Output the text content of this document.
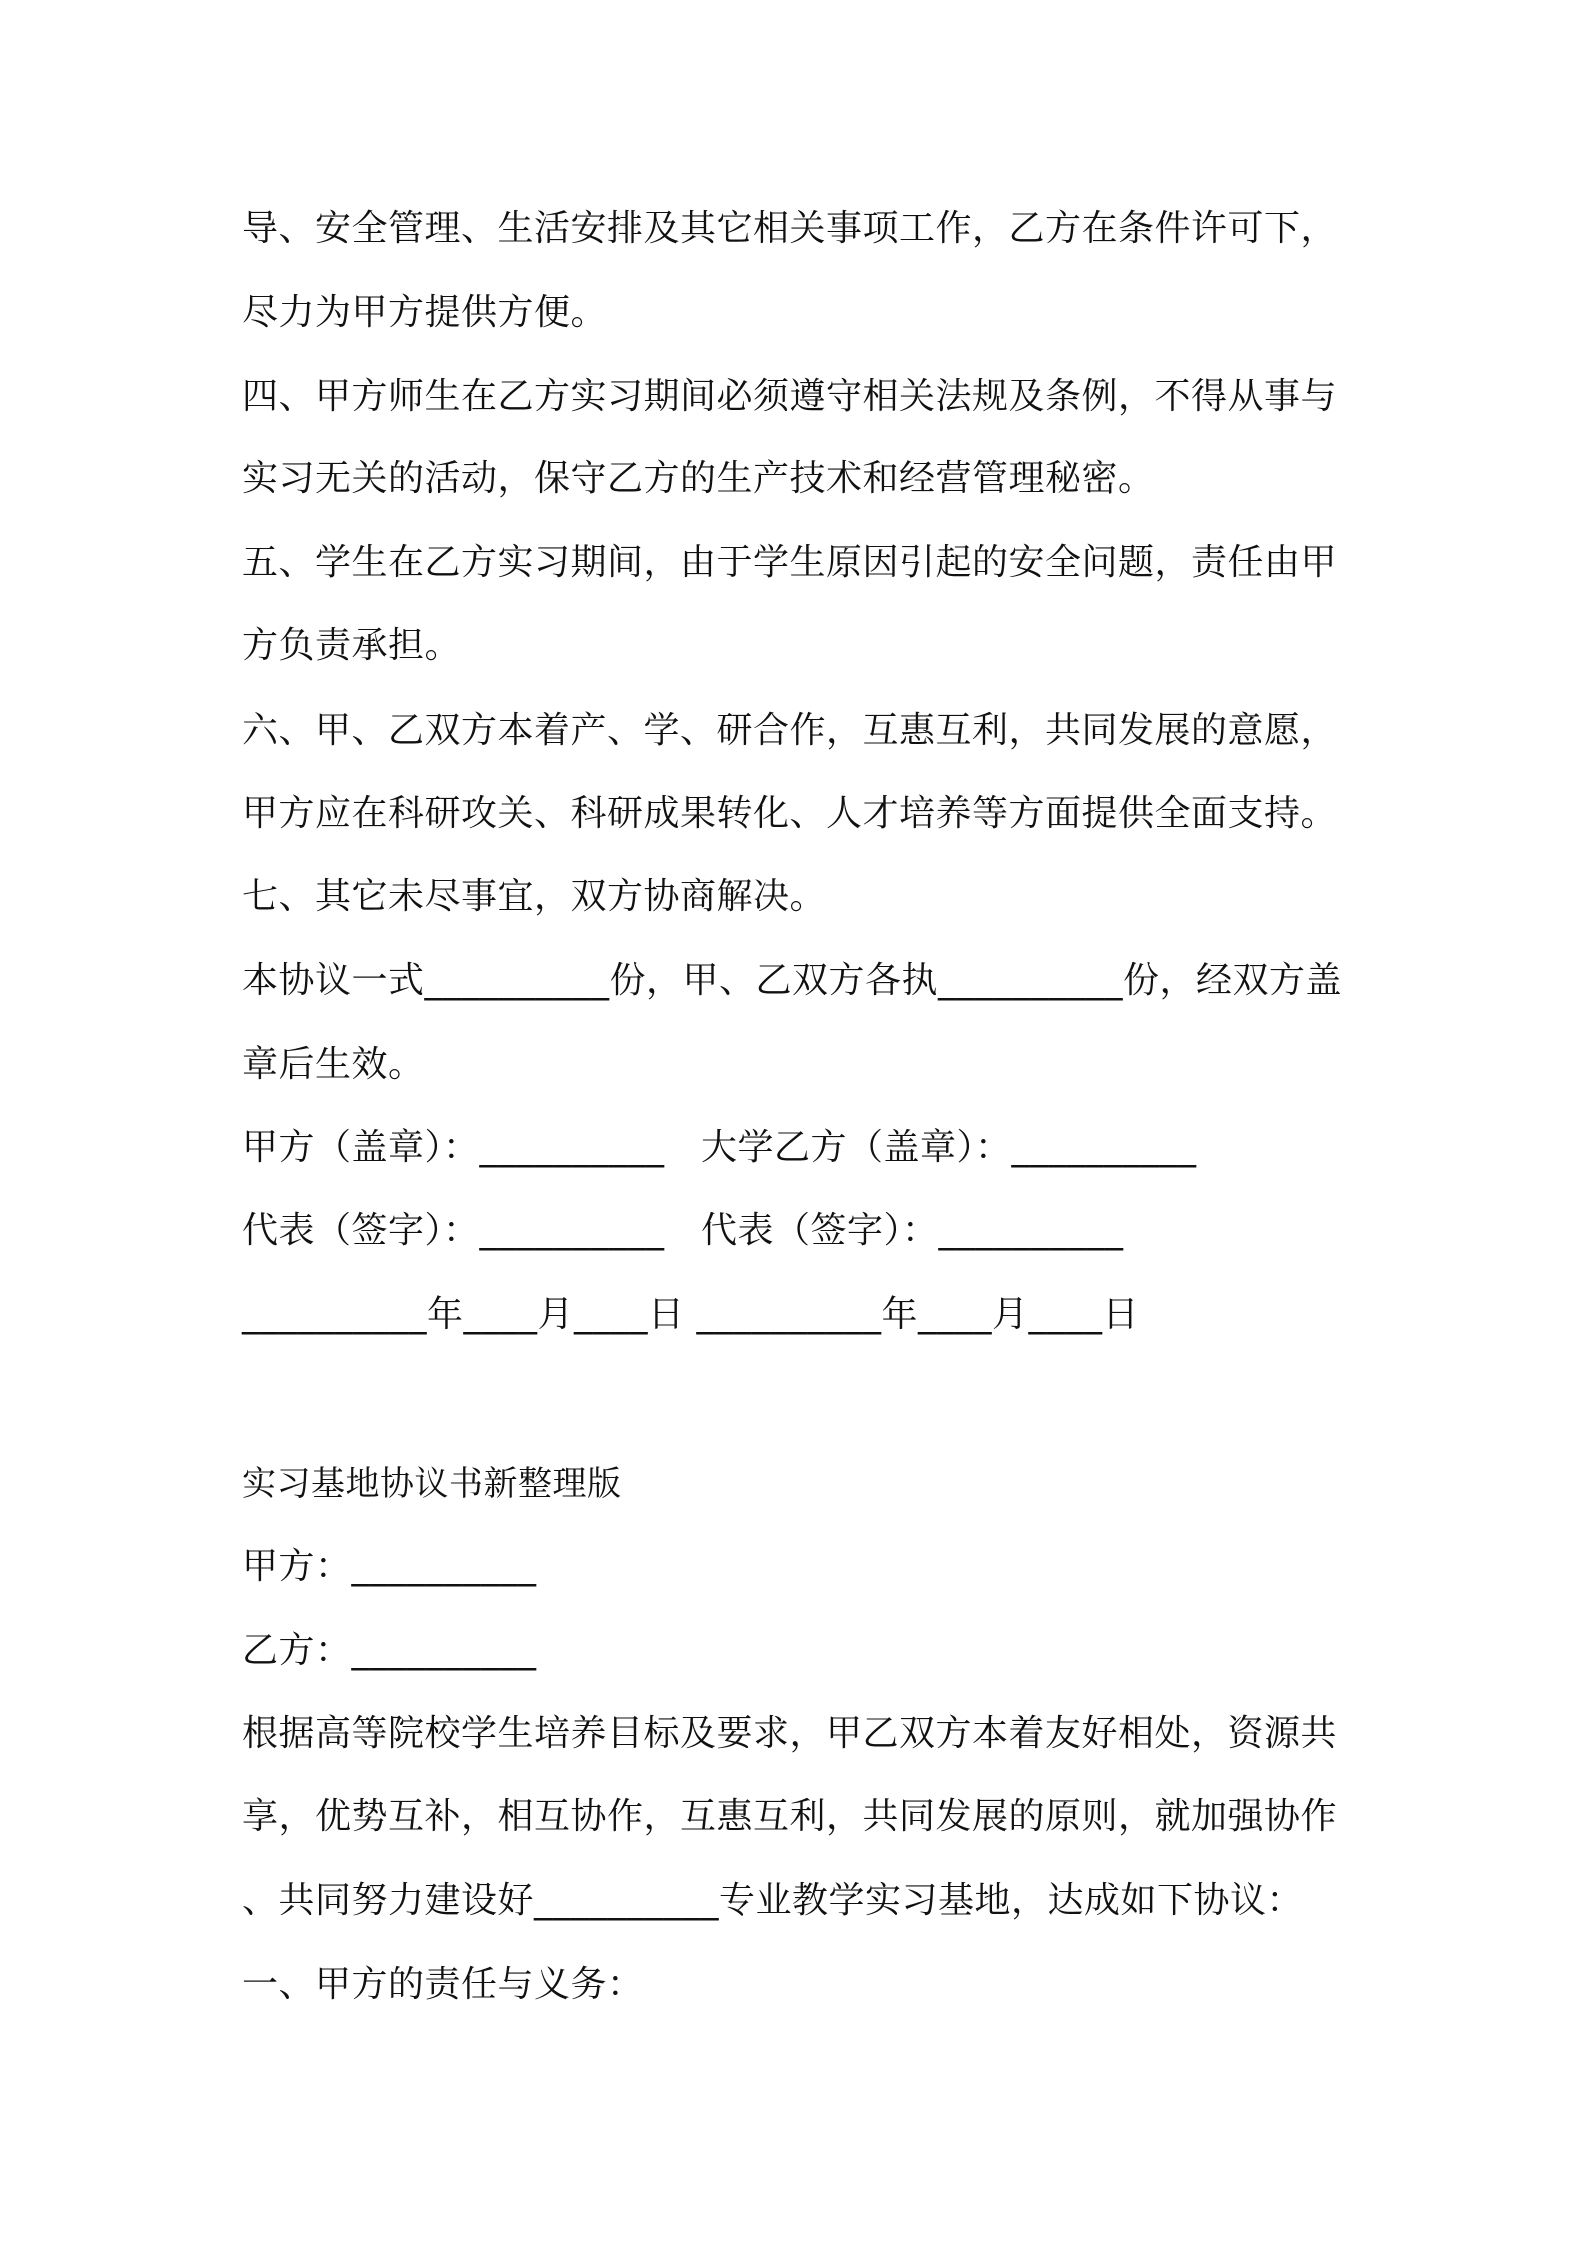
导、安全管理、生活安排及其它相关事项工作，乙方在条件许可下，

尽力为甲方提供方便。

四、甲方师生在乙方实习期间必须遵守相关法规及条例，不得从事与

实习无关的活动，保守乙方的生产技术和经营管理秘密。

五、学生在乙方实习期间，由于学生原因引起的安全问题，责任由甲

方负责承担。

六、甲、乙双方本着产、学、研合作，互惠互利，共同发展的意愿，

甲方应在科研攻关、科研成果转化、人才培养等方面提供全面支持。

七、其它未尽事宜，双方协商解决。

本协议一式__________份，甲、乙双方各执__________份，经双方盖

章后生效。

甲方（盖章）：__________　大学乙方（盖章）：__________

代表（签字）：__________　代表（签字）：__________

__________年____月____日 __________年____月____日

实习基地协议书新整理版

甲方：__________

乙方：__________

根据高等院校学生培养目标及要求，甲乙双方本着友好相处，资源共

享，优势互补，相互协作，互惠互利，共同发展的原则，就加强协作

、共同努力建设好__________专业教学实习基地，达成如下协议：

一、甲方的责任与义务：
